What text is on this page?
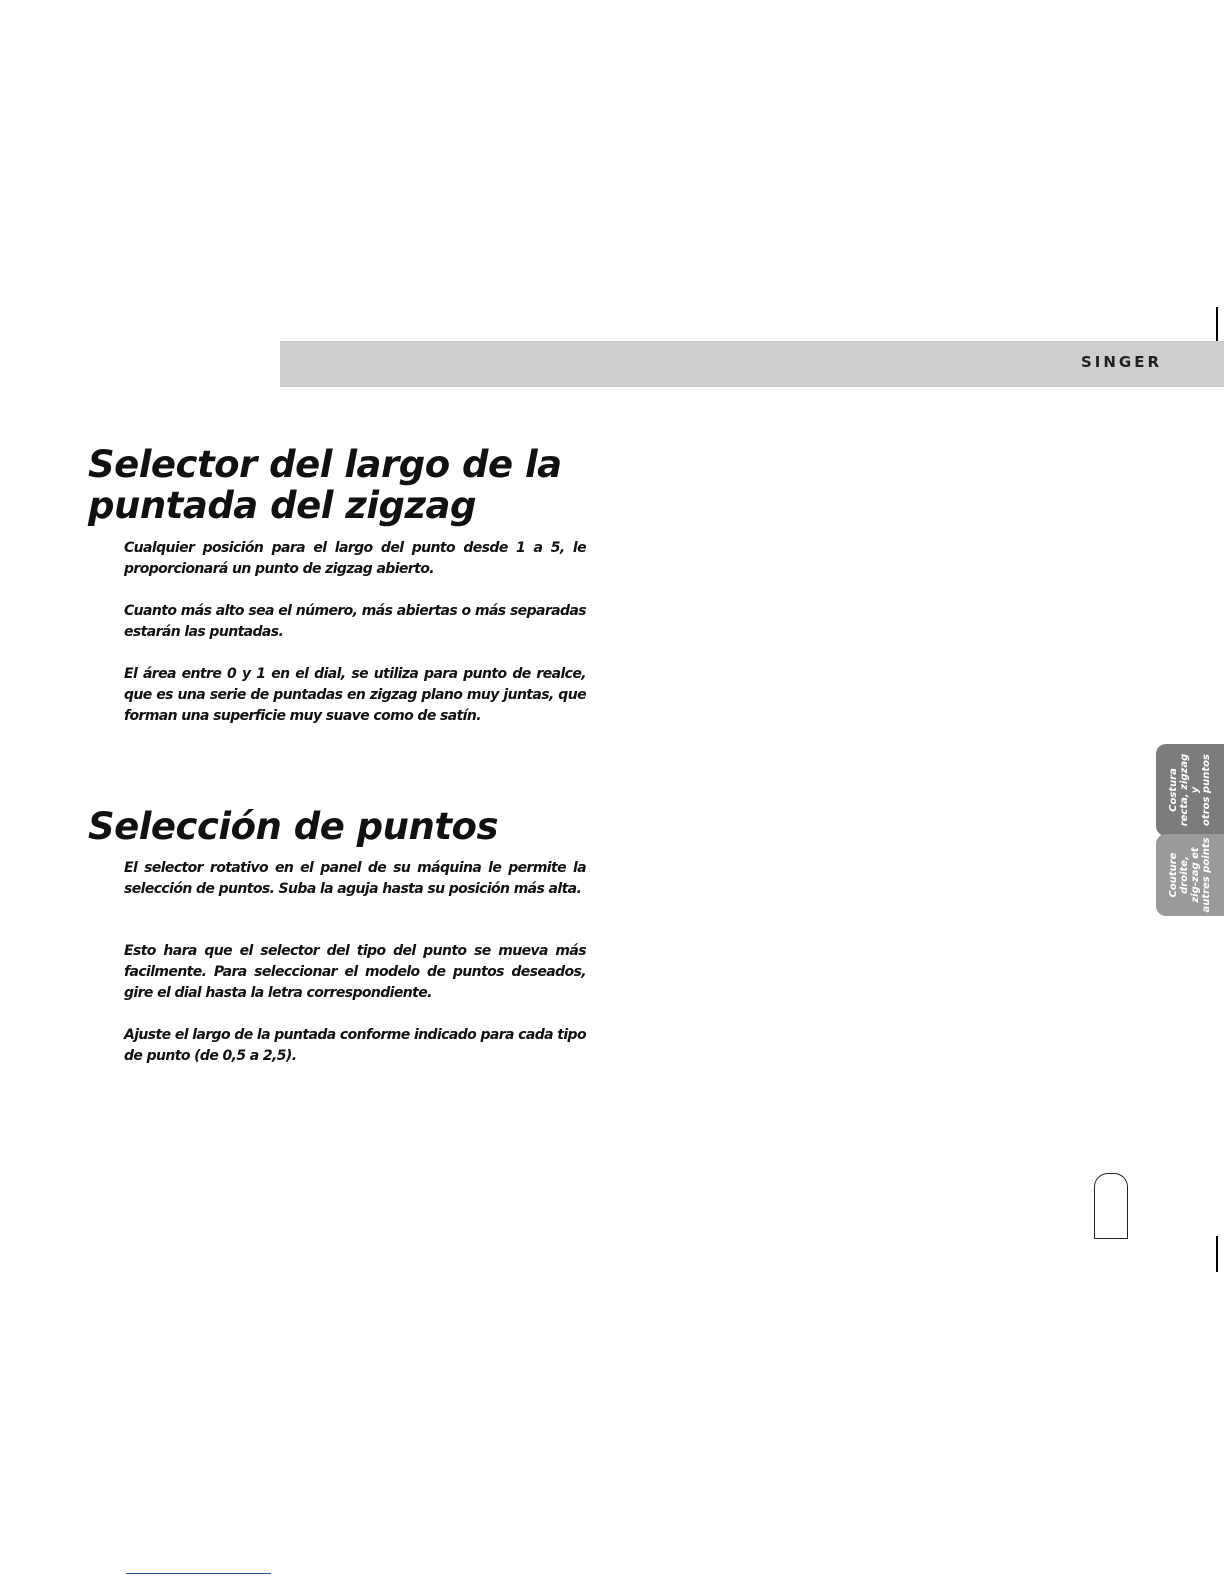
SINGER
Selector del largo de la
puntada del zigzag

Cualquier posición para el largo del punto desde 1 a 5, le proporcionará un punto de zigzag abierto.

Cuanto más alto sea el número, más abiertas o más separadas estarán las puntadas.

El área entre 0 y 1 en el dial, se utiliza para punto de realce, que es una serie de puntadas en zigzag plano muy juntas, que forman una superficie muy suave como de satín.

Selección de puntos

El selector rotativo en el panel de su máquina le permite la selección de puntos. Suba la aguja hasta su posición más alta.

Esto hara que el selector del tipo del punto se mueva más facilmente. Para seleccionar el modelo de puntos deseados, gire el dial hasta la letra correspondiente.

Ajuste el largo de la puntada conforme indicado para cada tipo de punto (de 0,5 a 2,5).

Costura recta, zigzag y otros puntos
Couture droite, zig-zag et autres points
